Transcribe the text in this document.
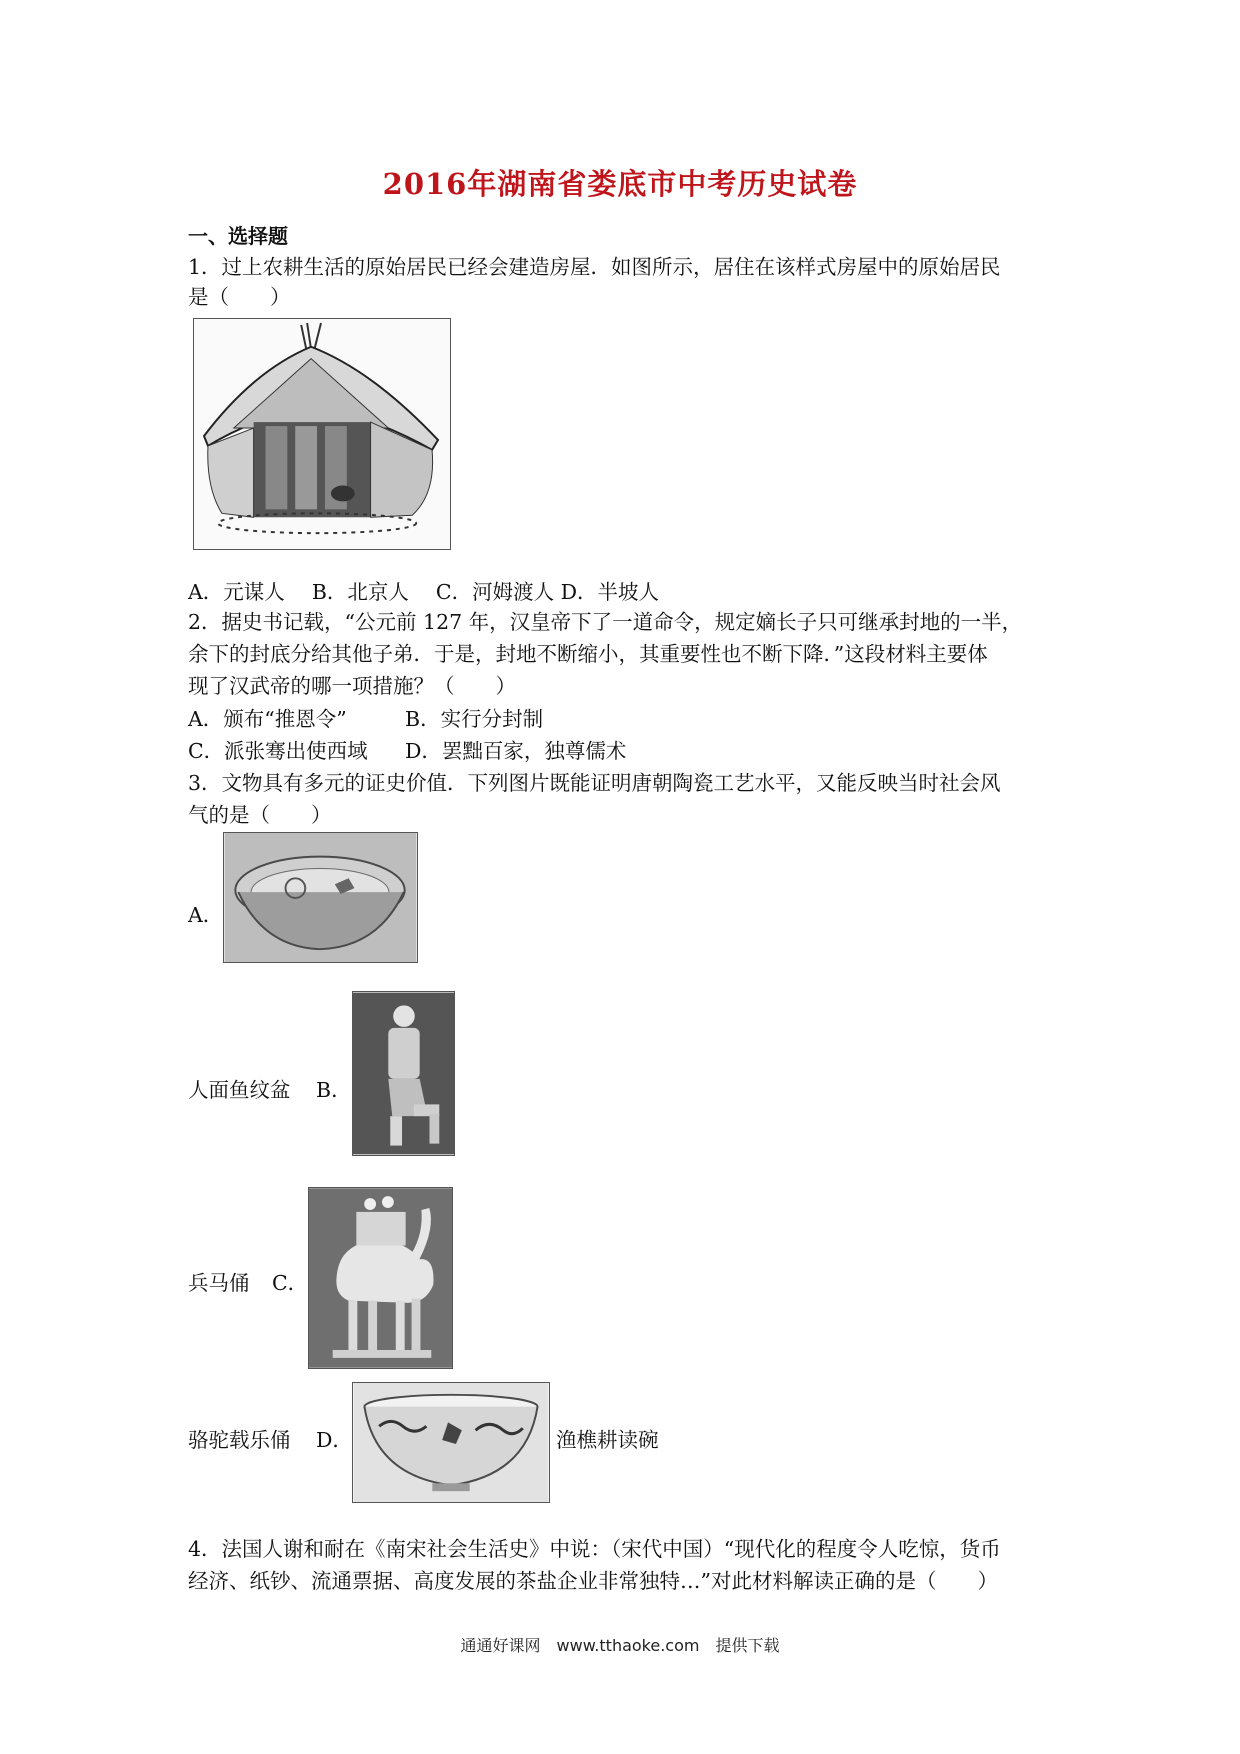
2016年湖南省娄底市中考历史试卷
一、选择题
1．过上农耕生活的原始居民已经会建造房屋．如图所示，居住在该样式房屋中的原始居民
是（　　）
A．元谋人　 B．北京人　 C．河姆渡人 D．半坡人
2．据史书记载，“公元前 127 年，汉皇帝下了一道命令，规定嫡长子只可继承封地的一半，
余下的封底分给其他子弟．于是，封地不断缩小，其重要性也不断下降．”这段材料主要体
现了汉武帝的哪一项措施？（　　）
A．颁布“推恩令”	B．实行分封制
C．派张骞出使西域 D．罢黜百家，独尊儒术
3．文物具有多元的证史价值．下列图片既能证明唐朝陶瓷工艺水平，又能反映当时社会风
气的是（　　）
A．
人面鱼纹盆 B．
兵马俑 C．
骆驼载乐俑 D．	渔樵耕读碗
4．法国人谢和耐在《南宋社会生活史》中说：（宋代中国）“现代化的程度令人吃惊，货币
经济、纸钞、流通票据、高度发展的茶盐企业非常独特…”对此材料解读正确的是（　　）
通通好课网　www.tthaoke.com　提供下载
